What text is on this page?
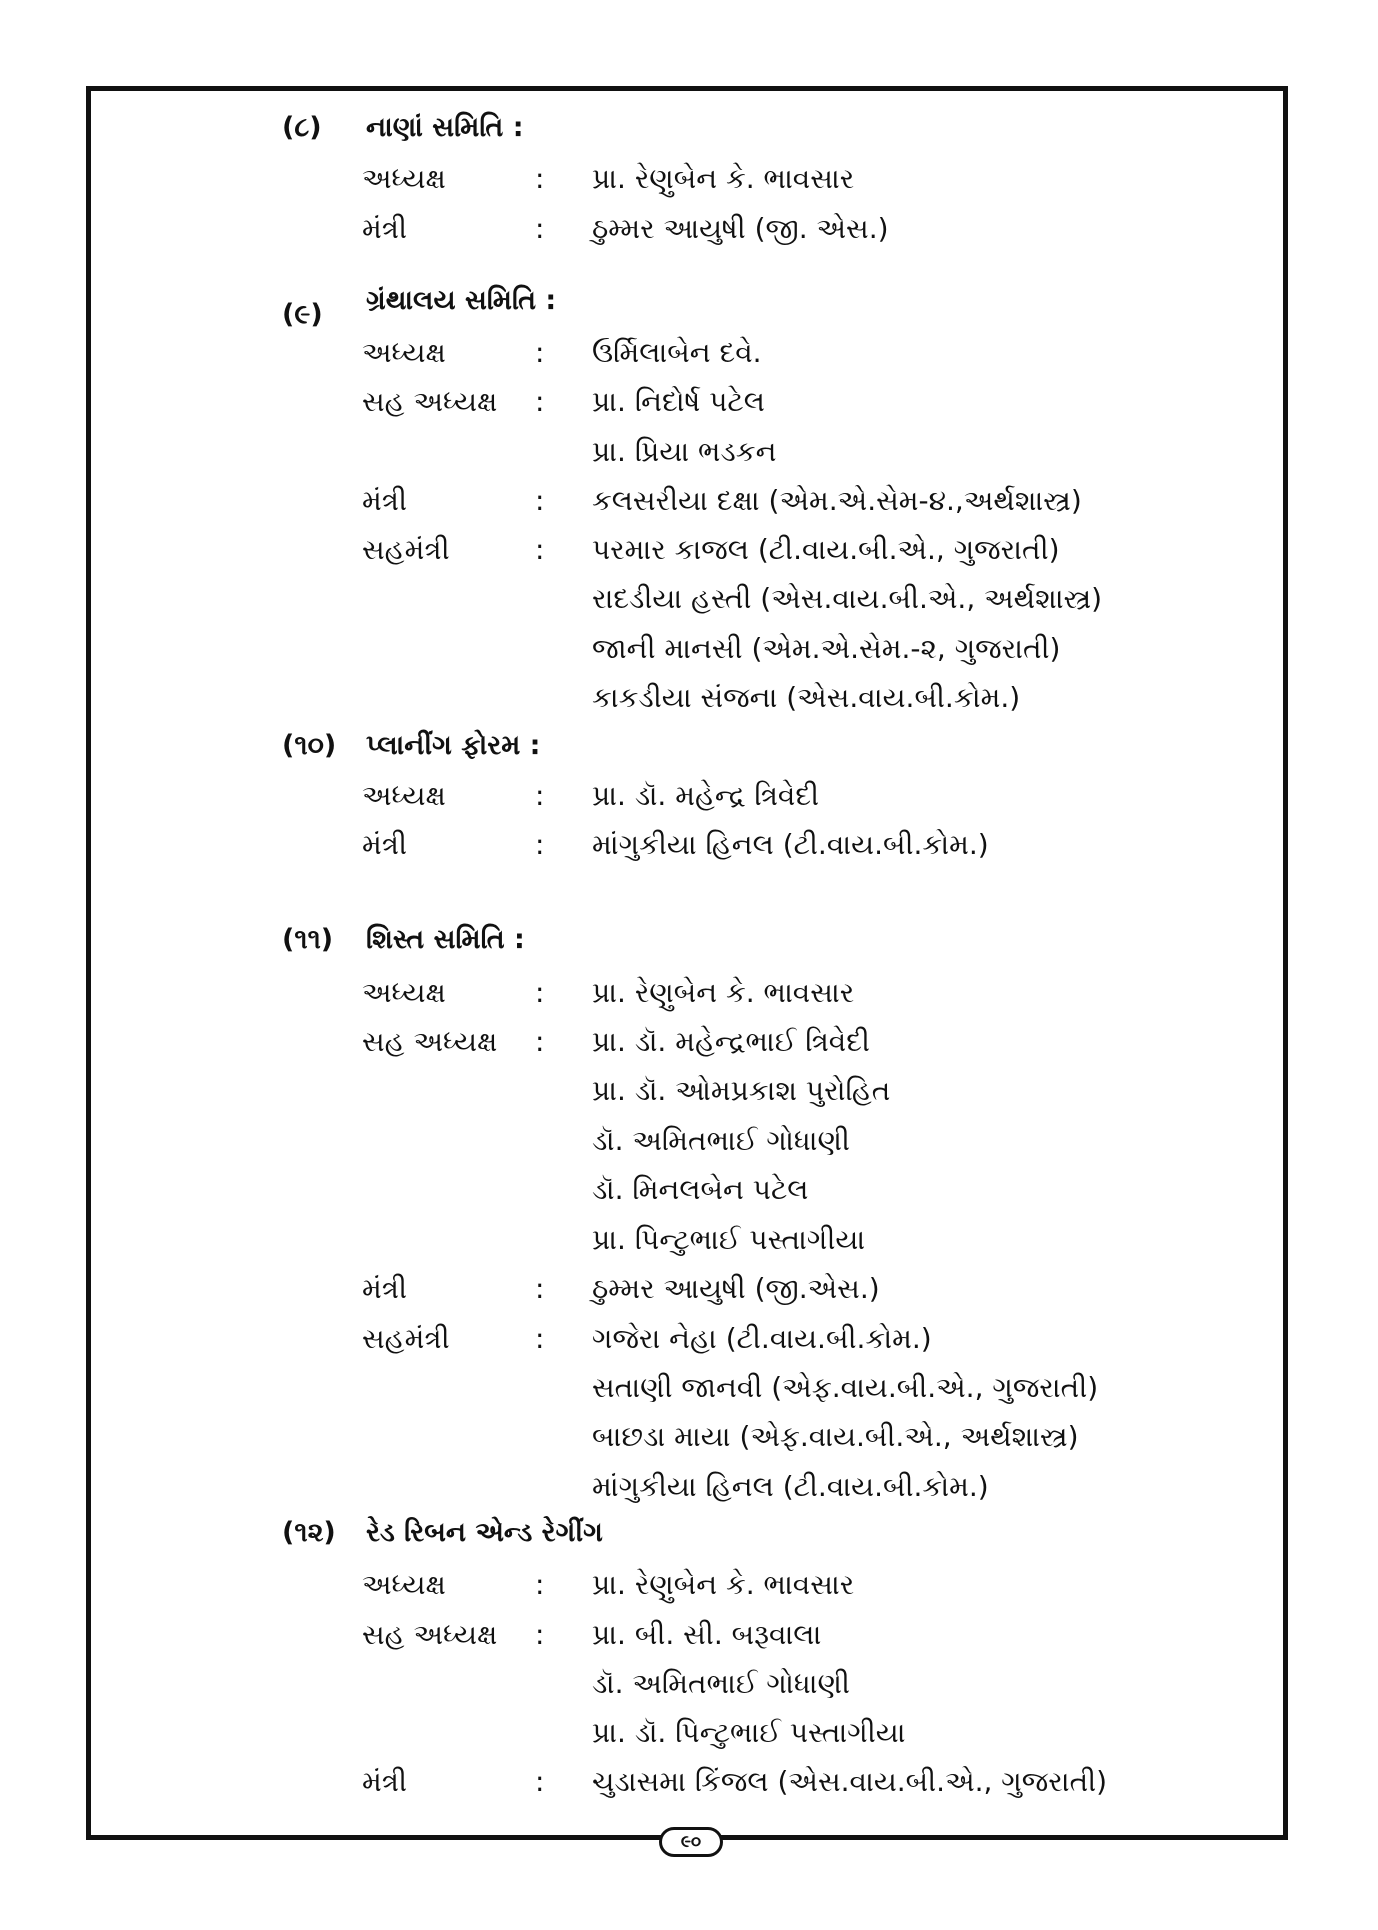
(૮) નાણાં સમિતિ :
અધ્યક્ષ	: પ્રા. રેણુબેન કે. ભાવસાર
મંત્રી	: ઠુમ્મર આયુષી (જી. એસ.)
(૯) ગ્રંથાલય સમિતિ :
અધ્યક્ષ	: ઉર્મિલાબેન દવે.
સહ અધ્યક્ષ : પ્રા. નિદોર્ષ પટેલ
પ્રા. પ્રિયા ભડકન
મંત્રી	: કલસરીયા દક્ષા (એમ.એ.સેમ-૪.,અર્થશાસ્ત્ર)
સહમંત્રી	: પરમાર કાજલ (ટી.વાય.બી.એ., ગુજરાતી)
રાદડીયા હસ્તી (એસ.વાય.બી.એ., અર્થશાસ્ત્ર)
જાની માનસી (એમ.એ.સેમ.-૨, ગુજરાતી)
કાકડીયા સંજના (એસ.વાય.બી.કોમ.)
(૧૦) પ્લાનીંગ ફોરમ :
અધ્યક્ષ	: પ્રા. ડૉ. મહેન્દ્ર ત્રિવેદી
મંત્રી	: માંગુકીયા હિનલ (ટી.વાય.બી.કોમ.)
(૧૧) શિસ્ત સમિતિ :
અધ્યક્ષ	: પ્રા. રેણુબેન કે. ભાવસાર
સહ અધ્યક્ષ : પ્રા. ડૉ. મહેન્દ્રભાઈ ત્રિવેદી
પ્રા. ડૉ. ઓમપ્રકાશ પુરોહિત
ડૉ. અમિતભાઈ ગોધાણી
ડૉ. મિનલબેન પટેલ
પ્રા. પિન્ટુભાઈ પસ્તાગીયા
મંત્રી	: ઠુમ્મર આયુષી (જી.એસ.)
સહમંત્રી	: ગજેરા નેહા (ટી.વાય.બી.કોમ.)
સતાણી જાનવી (એફ.વાય.બી.એ., ગુજરાતી)
બાછડા માયા (એફ.વાય.બી.એ., અર્થશાસ્ત્ર)
માંગુકીયા હિનલ (ટી.વાય.બી.કોમ.)
(૧૨) રેડ રિબન એન્ડ રેગીંગ
અધ્યક્ષ	: પ્રા. રેણુબેન કે. ભાવસાર
સહ અધ્યક્ષ : પ્રા. બી. સી. બરૂવાલા
ડૉ. અમિતભાઈ ગોધાણી
પ્રા. ડૉ. પિન્ટુભાઈ પસ્તાગીયા
મંત્રી	: ચુડાસમા કિંજલ (એસ.વાય.બી.એ., ગુજરાતી)
૯૦
